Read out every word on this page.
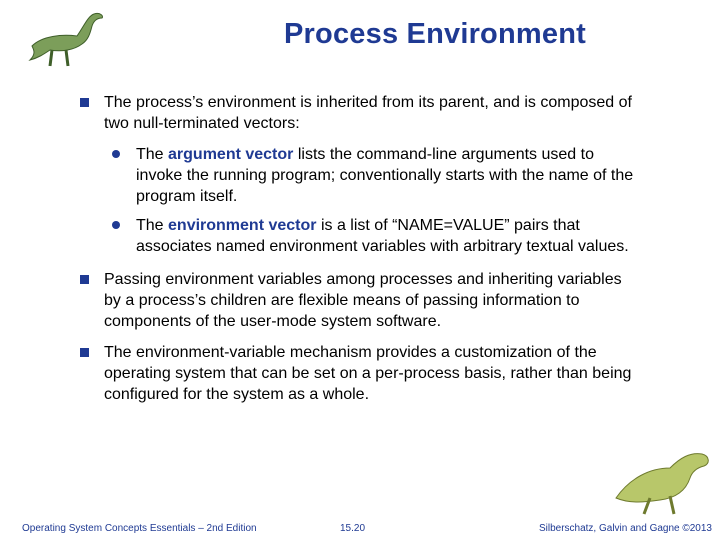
Process Environment
The process’s environment is inherited from its parent, and is composed of two null-terminated vectors:
The argument vector lists the command-line arguments used to invoke the running program; conventionally starts with the name of the program itself.
The environment vector is a list of “NAME=VALUE” pairs that associates named environment variables with arbitrary textual values.
Passing environment variables among processes and inheriting variables by a process’s children are flexible means of passing information to components of the user-mode system software.
The environment-variable mechanism provides a customization of the operating system that can be set on a per-process basis, rather than being configured for the system as a whole.
Operating System Concepts Essentials – 2nd Edition	15.20	Silberschatz, Galvin and Gagne ©2013
